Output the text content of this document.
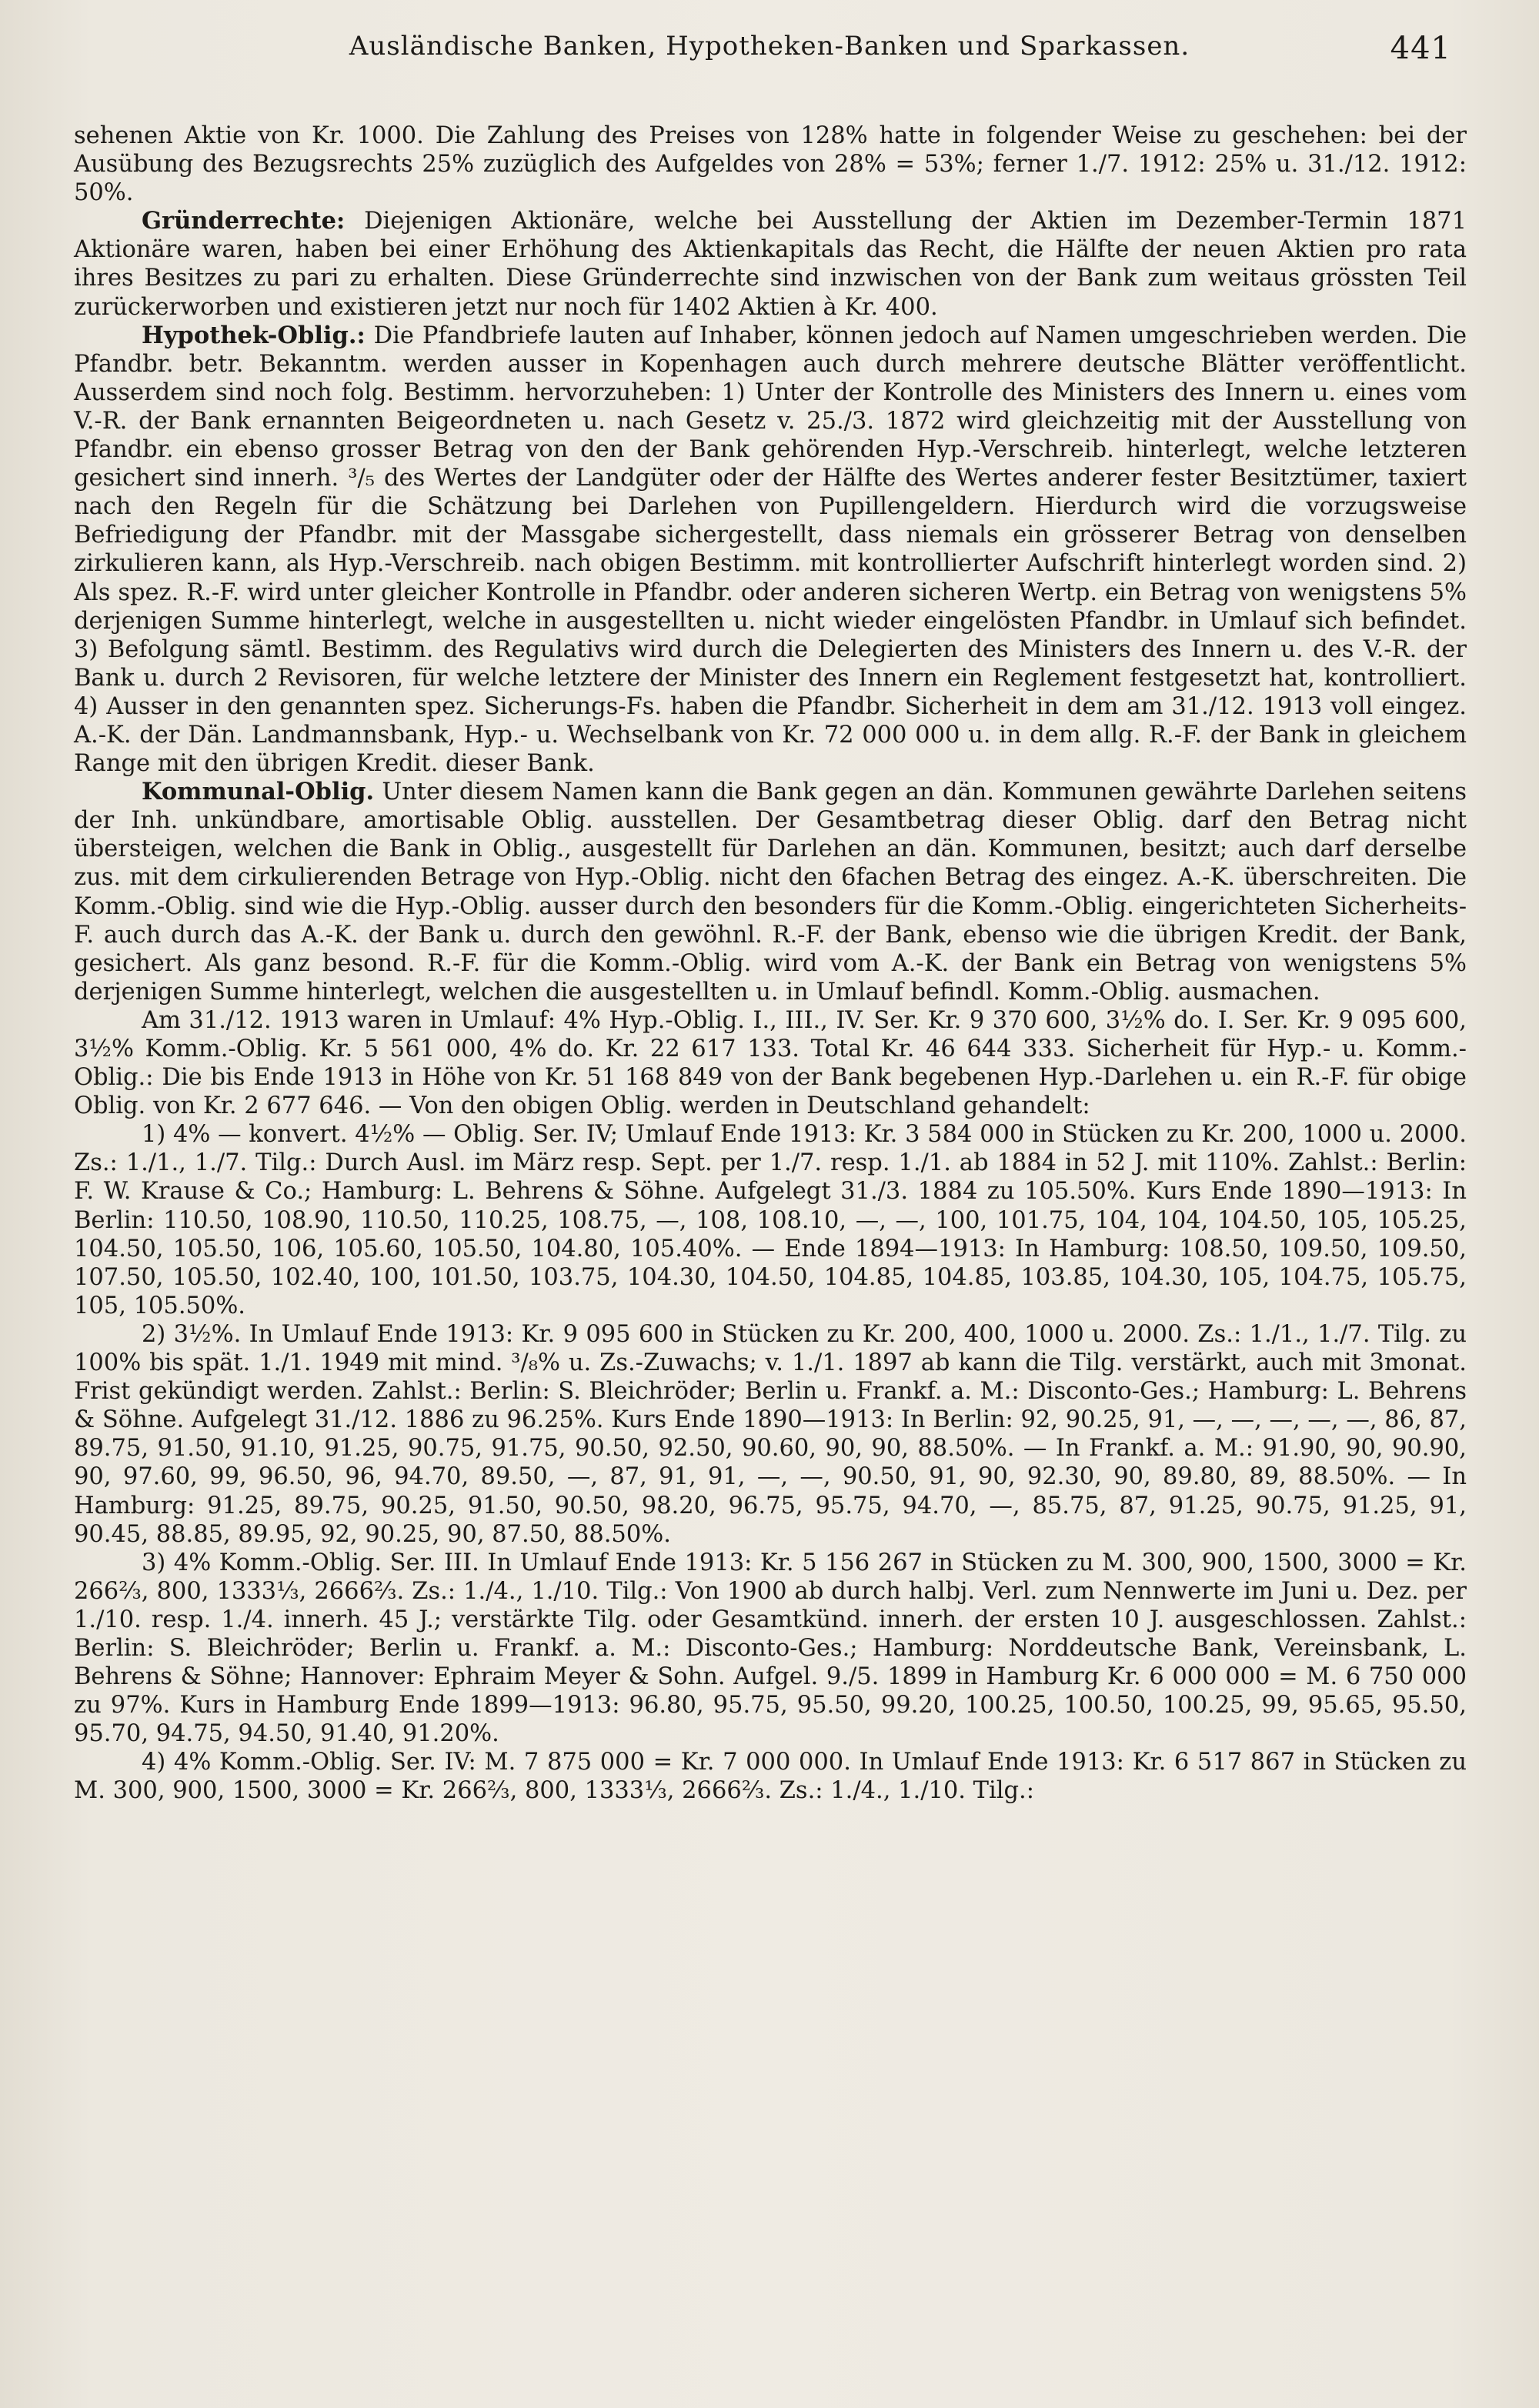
Ausländische Banken, Hypotheken-Banken und Sparkassen.	441

sehenen Aktie von Kr. 1000. Die Zahlung des Preises von 128% hatte in folgender Weise zu geschehen: bei der Ausübung des Bezugsrechts 25% zuzüglich des Aufgeldes von 28% = 53%; ferner 1./7. 1912: 25% u. 31./12. 1912: 50%.

Gründerrechte: Diejenigen Aktionäre, welche bei Ausstellung der Aktien im Dezember-Termin 1871 Aktionäre waren, haben bei einer Erhöhung des Aktienkapitals das Recht, die Hälfte der neuen Aktien pro rata ihres Besitzes zu pari zu erhalten. Diese Gründerrechte sind inzwischen von der Bank zum weitaus grössten Teil zurückerworben und existieren jetzt nur noch für 1402 Aktien à Kr. 400.

Hypothek-Oblig.: Die Pfandbriefe lauten auf Inhaber, können jedoch auf Namen umgeschrieben werden. Die Pfandbr. betr. Bekanntm. werden ausser in Kopenhagen auch durch mehrere deutsche Blätter veröffentlicht. Ausserdem sind noch folg. Bestimm. hervorzuheben: 1) Unter der Kontrolle des Ministers des Innern u. eines vom V.-R. der Bank ernannten Beigeordneten u. nach Gesetz v. 25./3. 1872 wird gleichzeitig mit der Ausstellung von Pfandbr. ein ebenso grosser Betrag von den der Bank gehörenden Hyp.-Verschreib. hinterlegt, welche letzteren gesichert sind innerh. ³/₅ des Wertes der Landgüter oder der Hälfte des Wertes anderer fester Besitztümer, taxiert nach den Regeln für die Schätzung bei Darlehen von Pupillengeldern. Hierdurch wird die vorzugsweise Befriedigung der Pfandbr. mit der Massgabe sichergestellt, dass niemals ein grösserer Betrag von denselben zirkulieren kann, als Hyp.-Verschreib. nach obigen Bestimm. mit kontrollierter Aufschrift hinterlegt worden sind. 2) Als spez. R.-F. wird unter gleicher Kontrolle in Pfandbr. oder anderen sicheren Wertp. ein Betrag von wenigstens 5% derjenigen Summe hinterlegt, welche in ausgestellten u. nicht wieder eingelösten Pfandbr. in Umlauf sich befindet. 3) Befolgung sämtl. Bestimm. des Regulativs wird durch die Delegierten des Ministers des Innern u. des V.-R. der Bank u. durch 2 Revisoren, für welche letztere der Minister des Innern ein Reglement festgesetzt hat, kontrolliert. 4) Ausser in den genannten spez. Sicherungs-Fs. haben die Pfandbr. Sicherheit in dem am 31./12. 1913 voll eingez. A.-K. der Dän. Landmannsbank, Hyp.- u. Wechselbank von Kr. 72 000 000 u. in dem allg. R.-F. der Bank in gleichem Range mit den übrigen Kredit. dieser Bank.

Kommunal-Oblig. Unter diesem Namen kann die Bank gegen an dän. Kommunen gewährte Darlehen seitens der Inh. unkündbare, amortisable Oblig. ausstellen. Der Gesamtbetrag dieser Oblig. darf den Betrag nicht übersteigen, welchen die Bank in Oblig., ausgestellt für Darlehen an dän. Kommunen, besitzt; auch darf derselbe zus. mit dem cirkulierenden Betrage von Hyp.-Oblig. nicht den 6fachen Betrag des eingez. A.-K. überschreiten. Die Komm.-Oblig. sind wie die Hyp.-Oblig. ausser durch den besonders für die Komm.-Oblig. eingerichteten Sicherheits-F. auch durch das A.-K. der Bank u. durch den gewöhnl. R.-F. der Bank, ebenso wie die übrigen Kredit. der Bank, gesichert. Als ganz besond. R.-F. für die Komm.-Oblig. wird vom A.-K. der Bank ein Betrag von wenigstens 5% derjenigen Summe hinterlegt, welchen die ausgestellten u. in Umlauf befindl. Komm.-Oblig. ausmachen.

Am 31./12. 1913 waren in Umlauf: 4% Hyp.-Oblig. I., III., IV. Ser. Kr. 9 370 600, 3½% do. I. Ser. Kr. 9 095 600, 3½% Komm.-Oblig. Kr. 5 561 000, 4% do. Kr. 22 617 133. Total Kr. 46 644 333. Sicherheit für Hyp.- u. Komm.-Oblig.: Die bis Ende 1913 in Höhe von Kr. 51 168 849 von der Bank begebenen Hyp.-Darlehen u. ein R.-F. für obige Oblig. von Kr. 2 677 646. — Von den obigen Oblig. werden in Deutschland gehandelt:

1) 4% — konvert. 4½% — Oblig. Ser. IV; Umlauf Ende 1913: Kr. 3 584 000 in Stücken zu Kr. 200, 1000 u. 2000. Zs.: 1./1., 1./7. Tilg.: Durch Ausl. im März resp. Sept. per 1./7. resp. 1./1. ab 1884 in 52 J. mit 110%. Zahlst.: Berlin: F. W. Krause & Co.; Hamburg: L. Behrens & Söhne. Aufgelegt 31./3. 1884 zu 105.50%. Kurs Ende 1890—1913: In Berlin: 110.50, 108.90, 110.50, 110.25, 108.75, —, 108, 108.10, —, —, 100, 101.75, 104, 104, 104.50, 105, 105.25, 104.50, 105.50, 106, 105.60, 105.50, 104.80, 105.40%. — Ende 1894—1913: In Hamburg: 108.50, 109.50, 109.50, 107.50, 105.50, 102.40, 100, 101.50, 103.75, 104.30, 104.50, 104.85, 104.85, 103.85, 104.30, 105, 104.75, 105.75, 105, 105.50%.

2) 3½%. In Umlauf Ende 1913: Kr. 9 095 600 in Stücken zu Kr. 200, 400, 1000 u. 2000. Zs.: 1./1., 1./7. Tilg. zu 100% bis spät. 1./1. 1949 mit mind. ³/₈% u. Zs.-Zuwachs; v. 1./1. 1897 ab kann die Tilg. verstärkt, auch mit 3monat. Frist gekündigt werden. Zahlst.: Berlin: S. Bleichröder; Berlin u. Frankf. a. M.: Disconto-Ges.; Hamburg: L. Behrens & Söhne. Aufgelegt 31./12. 1886 zu 96.25%. Kurs Ende 1890—1913: In Berlin: 92, 90.25, 91, —, —, —, —, —, 86, 87, 89.75, 91.50, 91.10, 91.25, 90.75, 91.75, 90.50, 92.50, 90.60, 90, 90, 88.50%. — In Frankf. a. M.: 91.90, 90, 90.90, 90, 97.60, 99, 96.50, 96, 94.70, 89.50, —, 87, 91, 91, —, —, 90.50, 91, 90, 92.30, 90, 89.80, 89, 88.50%. — In Hamburg: 91.25, 89.75, 90.25, 91.50, 90.50, 98.20, 96.75, 95.75, 94.70, —, 85.75, 87, 91.25, 90.75, 91.25, 91, 90.45, 88.85, 89.95, 92, 90.25, 90, 87.50, 88.50%.

3) 4% Komm.-Oblig. Ser. III. In Umlauf Ende 1913: Kr. 5 156 267 in Stücken zu M. 300, 900, 1500, 3000 = Kr. 266⅔, 800, 1333⅓, 2666⅔. Zs.: 1./4., 1./10. Tilg.: Von 1900 ab durch halbj. Verl. zum Nennwerte im Juni u. Dez. per 1./10. resp. 1./4. innerh. 45 J.; verstärkte Tilg. oder Gesamtkünd. innerh. der ersten 10 J. ausgeschlossen. Zahlst.: Berlin: S. Bleichröder; Berlin u. Frankf. a. M.: Disconto-Ges.; Hamburg: Norddeutsche Bank, Vereinsbank, L. Behrens & Söhne; Hannover: Ephraim Meyer & Sohn. Aufgel. 9./5. 1899 in Hamburg Kr. 6 000 000 = M. 6 750 000 zu 97%. Kurs in Hamburg Ende 1899—1913: 96.80, 95.75, 95.50, 99.20, 100.25, 100.50, 100.25, 99, 95.65, 95.50, 95.70, 94.75, 94.50, 91.40, 91.20%.

4) 4% Komm.-Oblig. Ser. IV: M. 7 875 000 = Kr. 7 000 000. In Umlauf Ende 1913: Kr. 6 517 867 in Stücken zu M. 300, 900, 1500, 3000 = Kr. 266⅔, 800, 1333⅓, 2666⅔. Zs.: 1./4., 1./10. Tilg.:
